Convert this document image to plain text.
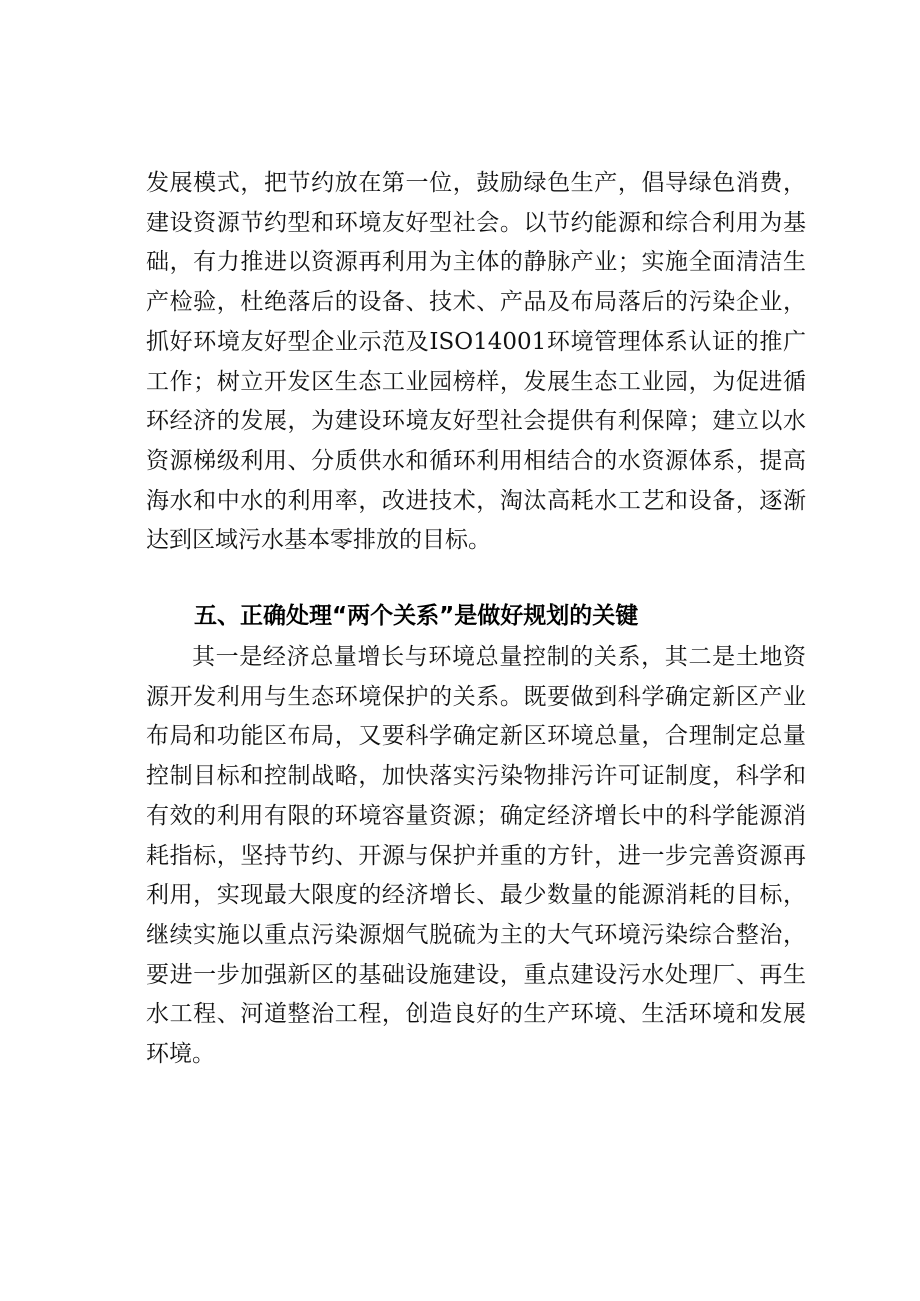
发展模式，把节约放在第一位，鼓励绿色生产，倡导绿色消费，建设资源节约型和环境友好型社会。以节约能源和综合利用为基础，有力推进以资源再利用为主体的静脉产业；实施全面清洁生产检验，杜绝落后的设备、技术、产品及布局落后的污染企业，抓好环境友好型企业示范及ISO14001环境管理体系认证的推广工作；树立开发区生态工业园榜样，发展生态工业园，为促进循环经济的发展，为建设环境友好型社会提供有利保障；建立以水资源梯级利用、分质供水和循环利用相结合的水资源体系，提高海水和中水的利用率，改进技术，淘汰高耗水工艺和设备，逐渐达到区域污水基本零排放的目标。

五、正确处理“两个关系”是做好规划的关键

其一是经济总量增长与环境总量控制的关系，其二是土地资源开发利用与生态环境保护的关系。既要做到科学确定新区产业布局和功能区布局，又要科学确定新区环境总量，合理制定总量控制目标和控制战略，加快落实污染物排污许可证制度，科学和有效的利用有限的环境容量资源；确定经济增长中的科学能源消耗指标，坚持节约、开源与保护并重的方针，进一步完善资源再利用，实现最大限度的经济增长、最少数量的能源消耗的目标，继续实施以重点污染源烟气脱硫为主的大气环境污染综合整治，要进一步加强新区的基础设施建设，重点建设污水处理厂、再生水工程、河道整治工程，创造良好的生产环境、生活环境和发展环境。
